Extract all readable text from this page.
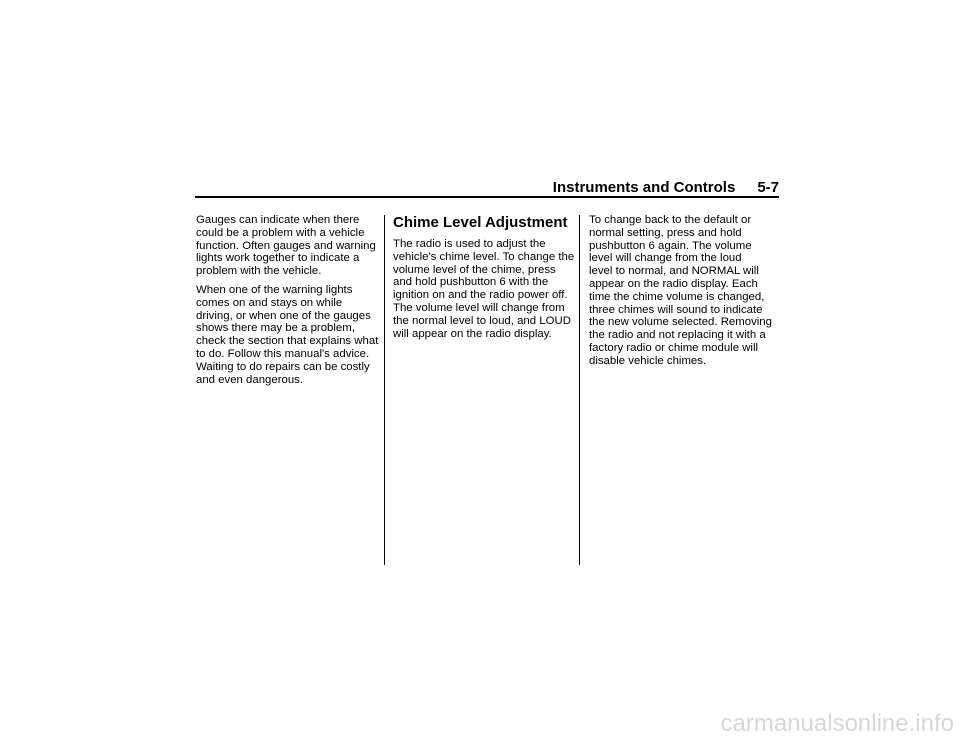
Instruments and Controls 5-7

Gauges can indicate when there
could be a problem with a vehicle
function. Often gauges and warning
lights work together to indicate a
problem with the vehicle.

When one of the warning lights
comes on and stays on while
driving, or when one of the gauges
shows there may be a problem,
check the section that explains what
to do. Follow this manual's advice.
Waiting to do repairs can be costly
and even dangerous.

Chime Level Adjustment

The radio is used to adjust the
vehicle's chime level. To change the
volume level of the chime, press
and hold pushbutton 6 with the
ignition on and the radio power off.
The volume level will change from
the normal level to loud, and LOUD
will appear on the radio display.

To change back to the default or
normal setting, press and hold
pushbutton 6 again. The volume
level will change from the loud
level to normal, and NORMAL will
appear on the radio display. Each
time the chime volume is changed,
three chimes will sound to indicate
the new volume selected. Removing
the radio and not replacing it with a
factory radio or chime module will
disable vehicle chimes.

carmanualsonline.info
